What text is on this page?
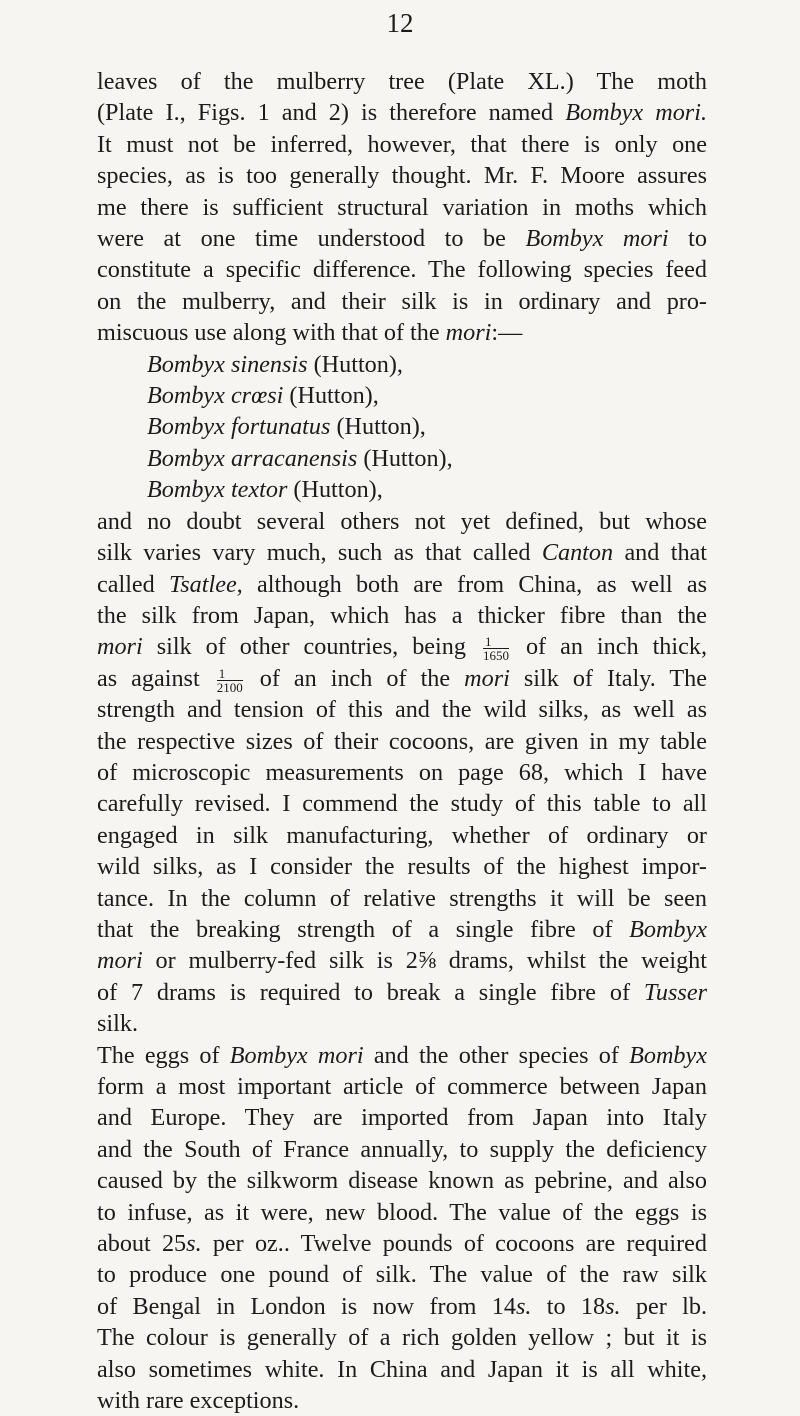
12
leaves of the mulberry tree (Plate XL.) The moth
(Plate I., Figs. 1 and 2) is therefore named Bombyx mori.
It must not be inferred, however, that there is only one
species, as is too generally thought. Mr. F. Moore assures
me there is sufficient structural variation in moths which
were at one time understood to be Bombyx mori to
constitute a specific difference. The following species feed
on the mulberry, and their silk is in ordinary and pro-
miscuous use along with that of the mori:—
Bombyx sinensis (Hutton),
Bombyx crœsi (Hutton),
Bombyx fortunatus (Hutton),
Bombyx arracanensis (Hutton),
Bombyx textor (Hutton),
and no doubt several others not yet defined, but whose
silk varies vary much, such as that called Canton and that
called Tsatlee, although both are from China, as well as
the silk from Japan, which has a thicker fibre than the
mori silk of other countries, being $\frac{1}{1650}$ of an inch thick,
as against $\frac{1}{2100}$ of an inch of the mori silk of Italy. The
strength and tension of this and the wild silks, as well as
the respective sizes of their cocoons, are given in my table
of microscopic measurements on page 68, which I have
carefully revised. I commend the study of this table to all
engaged in silk manufacturing, whether of ordinary or
wild silks, as I consider the results of the highest impor-
tance. In the column of relative strengths it will be seen
that the breaking strength of a single fibre of Bombyx
mori or mulberry-fed silk is 2⅝ drams, whilst the weight
of 7 drams is required to break a single fibre of Tusser
silk.
The eggs of Bombyx mori and the other species of Bombyx
form a most important article of commerce between Japan
and Europe. They are imported from Japan into Italy
and the South of France annually, to supply the deficiency
caused by the silkworm disease known as pebrine, and also
to infuse, as it were, new blood. The value of the eggs is
about 25s. per oz.. Twelve pounds of cocoons are required
to produce one pound of silk. The value of the raw silk
of Bengal in London is now from 14s. to 18s. per lb.
The colour is generally of a rich golden yellow ; but it is
also sometimes white. In China and Japan it is all white,
with rare exceptions.
